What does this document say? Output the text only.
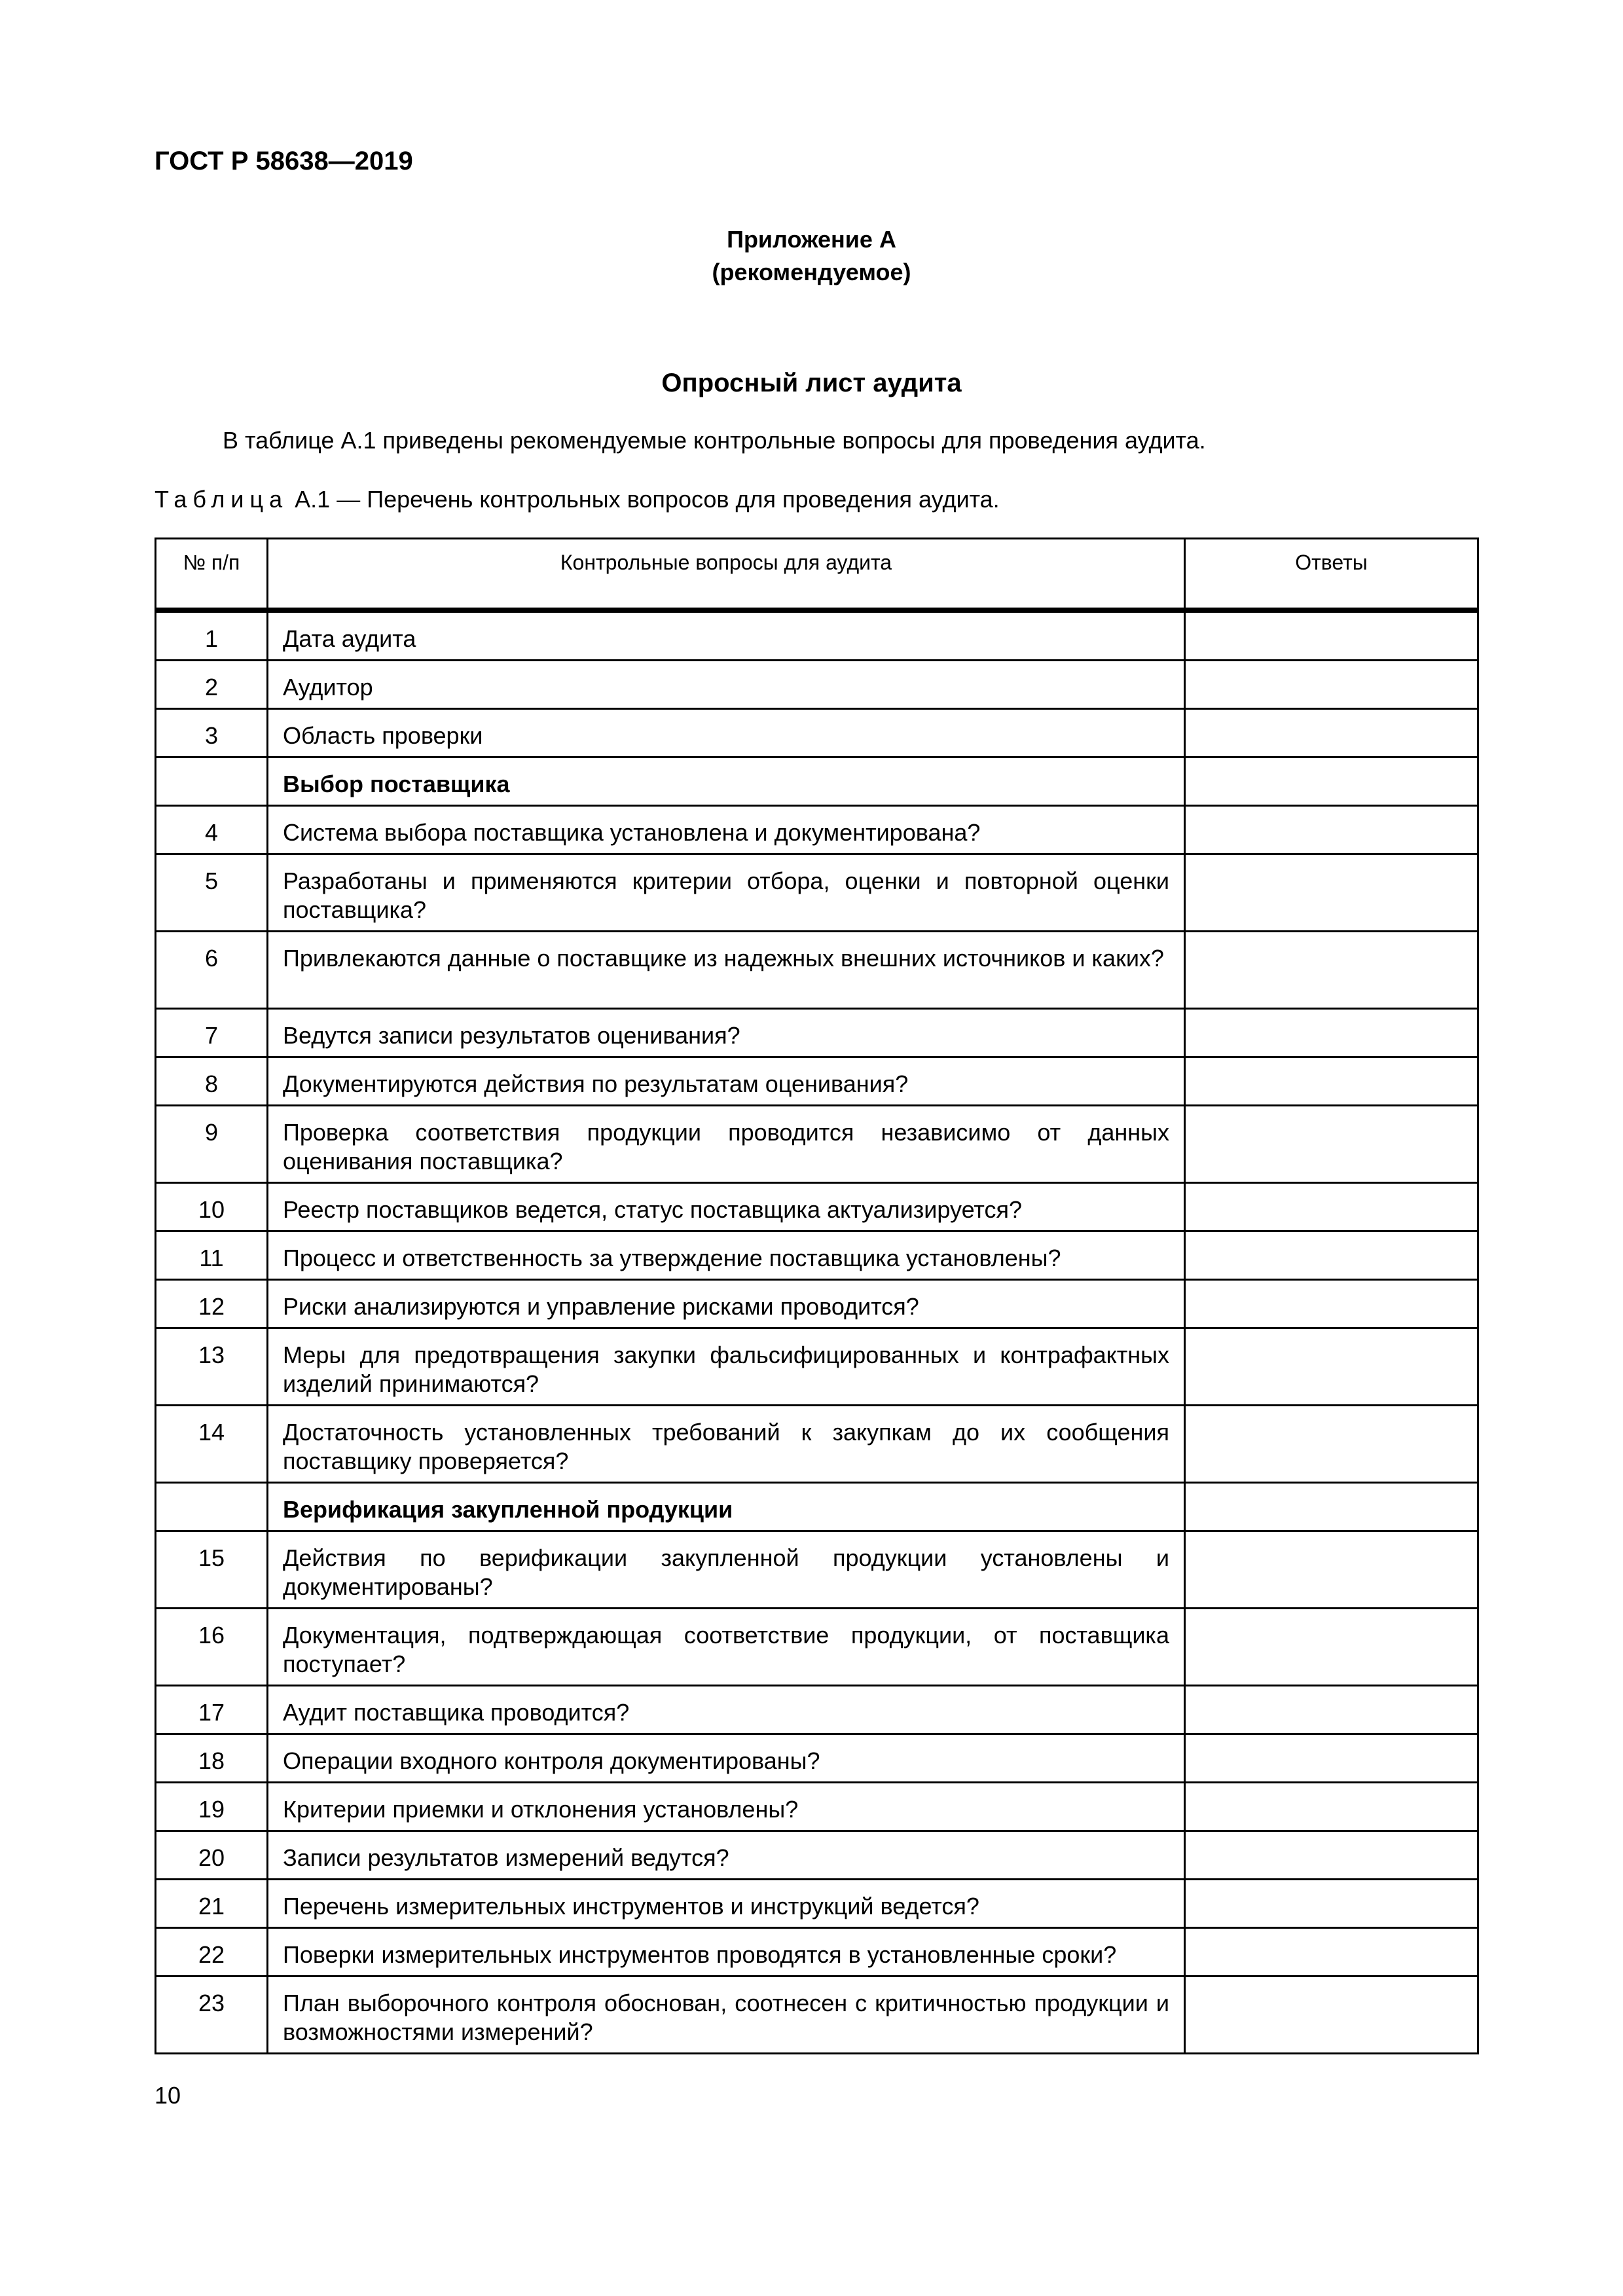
ГОСТ Р 58638—2019
Приложение А
(рекомендуемое)
Опросный лист аудита
В таблице А.1 приведены рекомендуемые контрольные вопросы для проведения аудита.
Таблица А.1 — Перечень контрольных вопросов для проведения аудита.
№ п/п	Контрольные вопросы для аудита	Ответы

1	Дата аудита	

2	Аудитор	

3	Область проверки	

	Выбор поставщика	

4	Система выбора поставщика установлена и документирована?	

5	Разработаны и применяются критерии отбора, оценки и повторной оценки поставщика?	

6	Привлекаются данные о поставщике из надежных внешних источников и каких?	

7	Ведутся записи результатов оценивания?	

8	Документируются действия по результатам оценивания?	

9	Проверка соответствия продукции проводится независимо от данных оценивания поставщика?	

10	Реестр поставщиков ведется, статус поставщика актуализируется?	

11	Процесс и ответственность за утверждение поставщика установлены?	

12	Риски анализируются и управление рисками проводится?	

13	Меры для предотвращения закупки фальсифицированных и контрафактных изделий принимаются?	

14	Достаточность установленных требований к закупкам до их сообщения поставщику проверяется?	

	Верификация закупленной продукции	

15	Действия по верификации закупленной продукции установлены и документированы?	

16	Документация, подтверждающая соответствие продукции, от поставщика поступает?	

17	Аудит поставщика проводится?	

18	Операции входного контроля документированы?	

19	Критерии приемки и отклонения установлены?	

20	Записи результатов измерений ведутся?	

21	Перечень измерительных инструментов и инструкций ведется?	

22	Поверки измерительных инструментов проводятся в установленные сроки?	

23	План выборочного контроля обоснован, соотнесен с критичностью продукции и возможностями измерений?	

10
